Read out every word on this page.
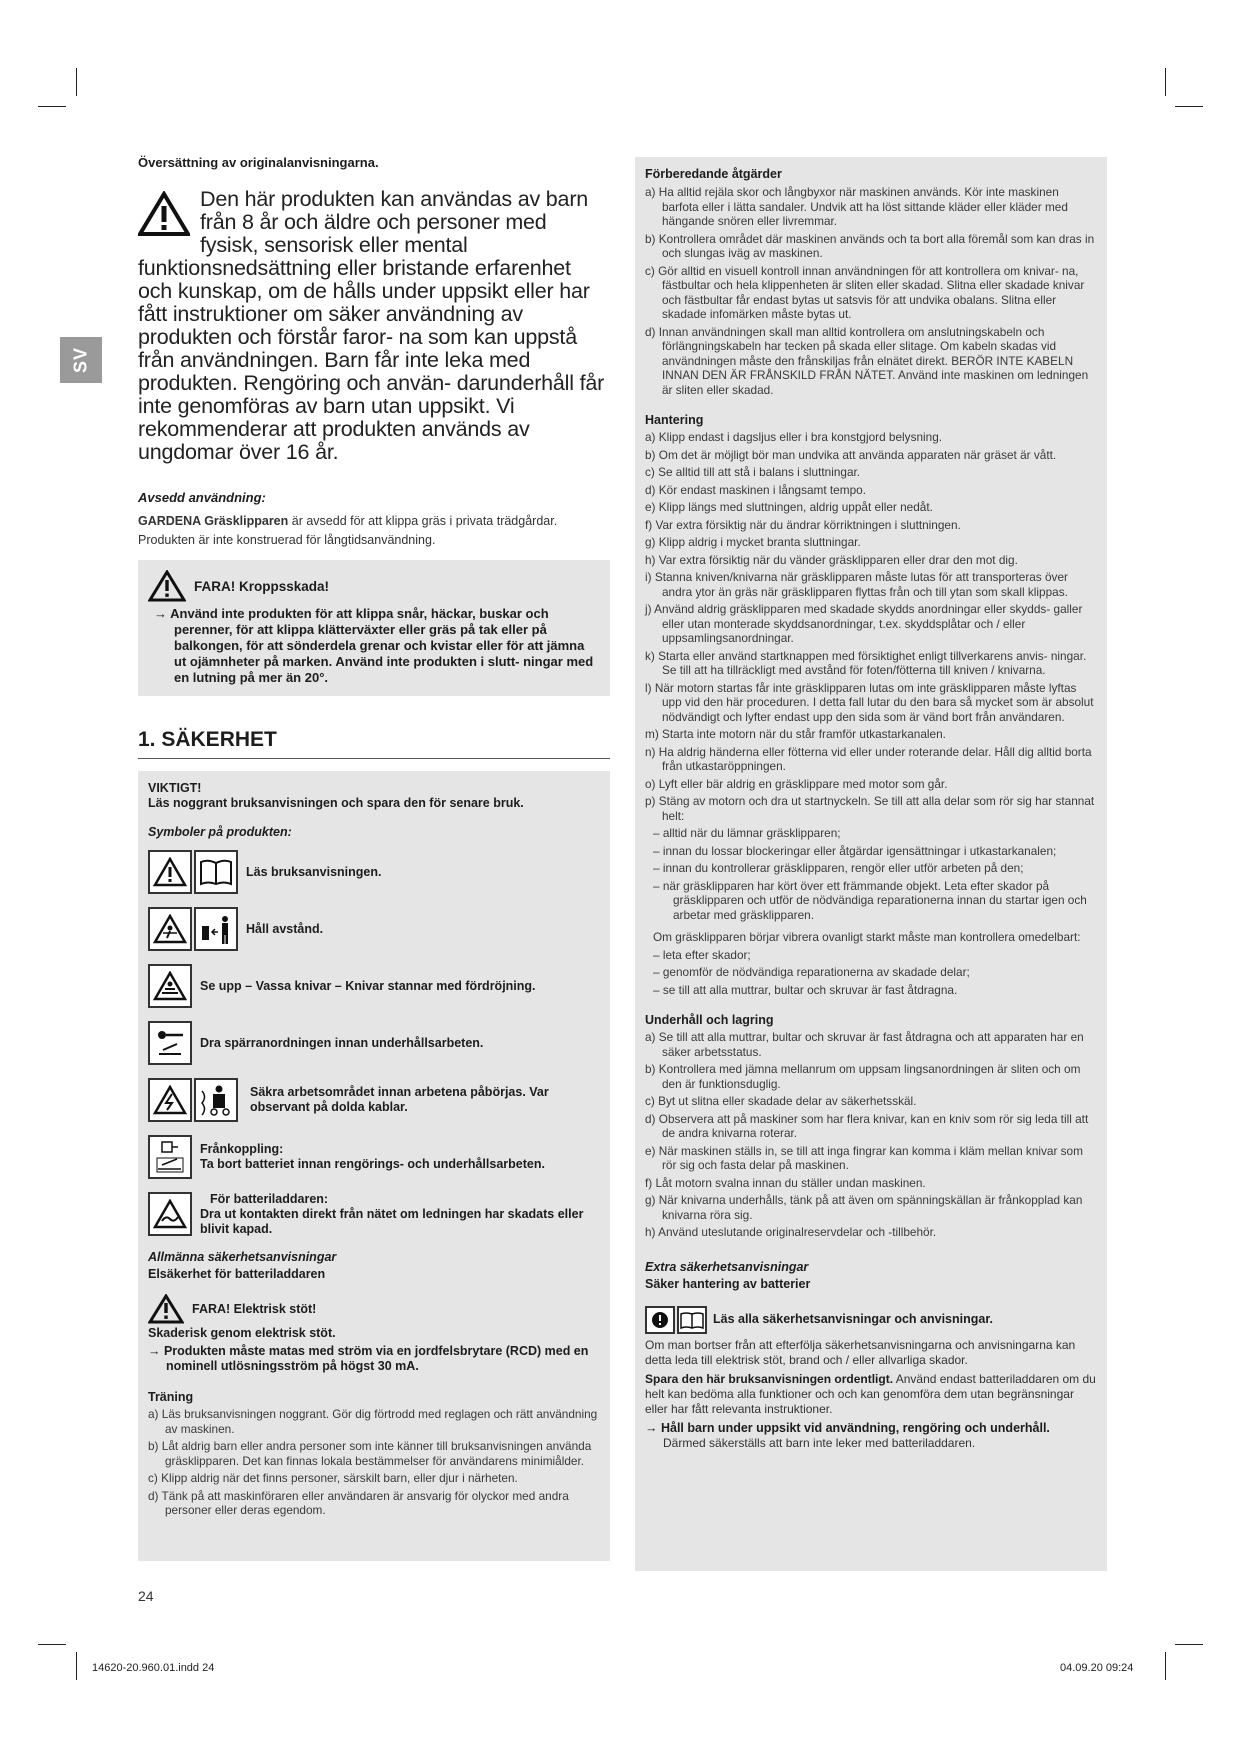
SV
Översättning av originalanvisningarna.
Den här produkten kan användas av barn från 8 år och äldre och personer med fysisk, sensorisk eller mental funktionsnedsättning eller bristande erfarenhet och kunskap, om de hålls under uppsikt eller har fått instruktioner om säker användning av produkten och förstår faror- na som kan uppstå från användningen. Barn får inte leka med produkten. Rengöring och använ- darunderhåll får inte genomföras av barn utan uppsikt. Vi rekommenderar att produkten används av ungdomar över 16 år.
Avsedd användning:
GARDENA Gräsklipparen är avsedd för att klippa gräs i privata trädgårdar.
Produkten är inte konstruerad för långtidsanvändning.
FARA! Kroppsskada!
→ Använd inte produkten för att klippa snår, häckar, buskar och perenner, för att klippa klätterväxter eller gräs på tak eller på balkongen, för att sönderdela grenar och kvistar eller för att jämna ut ojämnheter på marken. Använd inte produkten i slutt- ningar med en lutning på mer än 20°.
1. SÄKERHET
VIKTIGT!
Läs noggrant bruksanvisningen och spara den för senare bruk.
Symboler på produkten:
Läs bruksanvisningen.
Håll avstånd.
Se upp – Vassa knivar – Knivar stannar med fördröjning.
Dra spärranordningen innan underhållsarbeten.
Säkra arbetsområdet innan arbetena påbörjas. Var observant på dolda kablar.
Frånkoppling:
Ta bort batteriet innan rengörings- och underhållsarbeten.
För batteriladdaren:
Dra ut kontakten direkt från nätet om ledningen har skadats eller blivit kapad.
Allmänna säkerhetsanvisningar
Elsäkerhet för batteriladdaren
FARA! Elektrisk stöt!
Skaderisk genom elektrisk stöt.
→ Produkten måste matas med ström via en jordfelsbrytare (RCD) med en nominell utlösningsström på högst 30 mA.
Träning
a) Läs bruksanvisningen noggrant. Gör dig förtrodd med reglagen och rätt användning av maskinen.
b) Låt aldrig barn eller andra personer som inte känner till bruksanvisningen använda gräsklipparen. Det kan finnas lokala bestämmelser för användarens minimiålder.
c) Klipp aldrig när det finns personer, särskilt barn, eller djur i närheten.
d) Tänk på att maskinföraren eller användaren är ansvarig för olyckor med andra personer eller deras egendom.
Förberedande åtgärder
a) Ha alltid rejäla skor och långbyxor när maskinen används. Kör inte maskinen barfota eller i lätta sandaler. Undvik att ha löst sittande kläder eller kläder med hängande snören eller livremmar.
b) Kontrollera området där maskinen används och ta bort alla föremål som kan dras in och slungas iväg av maskinen.
c) Gör alltid en visuell kontroll innan användningen för att kontrollera om knivar- na, fästbultar och hela klippenheten är sliten eller skadad. Slitna eller skadade knivar och fästbultar får endast bytas ut satsvis för att undvika obalans. Slitna eller skadade infomärken måste bytas ut.
d) Innan användningen skall man alltid kontrollera om anslutningskabeln och förlängningskabeln har tecken på skada eller slitage. Om kabeln skadas vid användningen måste den frånskiljas från elnätet direkt. BERÖR INTE KABELN INNAN DEN ÄR FRÅNSKILD FRÅN NÄTET. Använd inte maskinen om ledningen är sliten eller skadad.
Hantering
a) Klipp endast i dagsljus eller i bra konstgjord belysning.
b) Om det är möjligt bör man undvika att använda apparaten när gräset är vått.
c) Se alltid till att stå i balans i sluttningar.
d) Kör endast maskinen i långsamt tempo.
e) Klipp längs med sluttningen, aldrig uppåt eller nedåt.
f) Var extra försiktig när du ändrar körriktningen i sluttningen.
g) Klipp aldrig i mycket branta sluttningar.
h) Var extra försiktig när du vänder gräsklipparen eller drar den mot dig.
i) Stanna kniven/knivarna när gräsklipparen måste lutas för att transporteras över andra ytor än gräs när gräsklipparen flyttas från och till ytan som skall klippas.
j) Använd aldrig gräsklipparen med skadade skydds anordningar eller skydds- galler eller utan monterade skyddsanordningar, t.ex. skyddsplåtar och / eller uppsamlingsanordningar.
k) Starta eller använd startknappen med försiktighet enligt tillverkarens anvis- ningar. Se till att ha tillräckligt med avstånd för foten/fötterna till kniven / knivarna.
l) När motorn startas får inte gräsklipparen lutas om inte gräsklipparen måste lyftas upp vid den här proceduren. I detta fall lutar du den bara så mycket som är absolut nödvändigt och lyfter endast upp den sida som är vänd bort från användaren.
m) Starta inte motorn när du står framför utkastarkanalen.
n) Ha aldrig händerna eller fötterna vid eller under roterande delar. Håll dig alltid borta från utkastaröppningen.
o) Lyft eller bär aldrig en gräsklippare med motor som går.
p) Stäng av motorn och dra ut startnyckeln. Se till att alla delar som rör sig har stannat helt:
– alltid när du lämnar gräsklipparen;
– innan du lossar blockeringar eller åtgärdar igensättningar i utkastarkanalen;
– innan du kontrollerar gräsklipparen, rengör eller utför arbeten på den;
– när gräsklipparen har kört över ett främmande objekt. Leta efter skador på gräsklipparen och utför de nödvändiga reparationerna innan du startar igen och arbetar med gräsklipparen.
Om gräsklipparen börjar vibrera ovanligt starkt måste man kontrollera omedelbart:
– leta efter skador;
– genomför de nödvändiga reparationerna av skadade delar;
– se till att alla muttrar, bultar och skruvar är fast åtdragna.
Underhåll och lagring
a) Se till att alla muttrar, bultar och skruvar är fast åtdragna och att apparaten har en säker arbetsstatus.
b) Kontrollera med jämna mellanrum om uppsam lingsanordningen är sliten och om den är funktionsduglig.
c) Byt ut slitna eller skadade delar av säkerhetsskäl.
d) Observera att på maskiner som har flera knivar, kan en kniv som rör sig leda till att de andra knivarna roterar.
e) När maskinen ställs in, se till att inga fingrar kan komma i kläm mellan knivar som rör sig och fasta delar på maskinen.
f) Låt motorn svalna innan du ställer undan maskinen.
g) När knivarna underhålls, tänk på att även om spänningskällan är frånkopplad kan knivarna röra sig.
h) Använd uteslutande originalreservdelar och -tillbehör.
Extra säkerhetsanvisningar
Säker hantering av batterier
Läs alla säkerhetsanvisningar och anvisningar.
Om man bortser från att efterfölja säkerhetsanvisningarna och anvisningarna kan detta leda till elektrisk stöt, brand och / eller allvarliga skador.
Spara den här bruksanvisningen ordentligt. Använd endast batteriladdaren om du helt kan bedöma alla funktioner och och kan genomföra dem utan begränsningar eller har fått relevanta instruktioner.
→ Håll barn under uppsikt vid användning, rengöring och underhåll.
Därmed säkerställs att barn inte leker med batteriladdaren.
24
14620-20.960.01.indd 24	04.09.20 09:24
